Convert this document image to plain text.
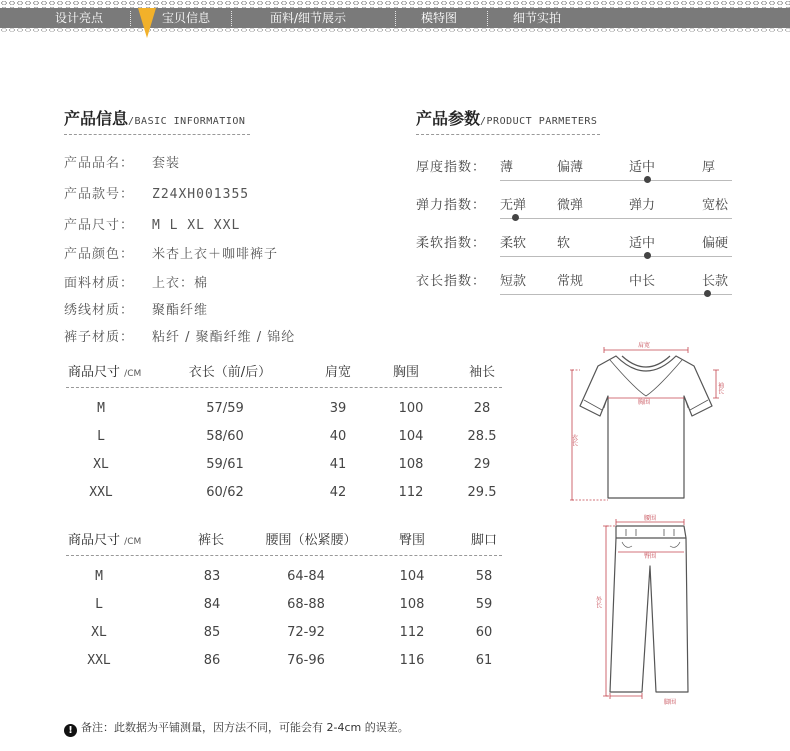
设计亮点	宝贝信息	面料/细节展示	模特图	细节实拍
产品信息/BASIC INFORMATION
产品品名： 套装
产品款号： Z24XH001355
产品尺寸： M L XL XXL
产品颜色： 米杏上衣＋咖啡裤子
面料材质： 上衣：棉
绣线材质： 聚酯纤维
裤子材质： 粘纤 / 聚酯纤维 / 锦纶
产品参数/PRODUCT PARMETERS
厚度指数： 薄	偏薄	适中	厚
弹力指数： 无弹 微弹	弹力	宽松
柔软指数： 柔软 软	适中	偏硬
衣长指数： 短款 常规	中长	长款
商品尺寸 /CM	衣长（前/后）	肩宽	胸围	袖长
M	57/59	39	100	28
L	58/60	40	104	28.5
XL	59/61	41	108	29
XXL	60/62	42	112	29.5
商品尺寸 /CM	裤长	腰围（松紧腰）	臀围	脚口
M	83	64-84	104	58
L	84	68-88	108	59
XL	85	72-92	112	60
XXL	86	76-96	116	61
肩宽
胸围
衣长
袖长
腰围
臀围
外长
脚围
! 备注：此数据为平铺测量，因方法不同，可能会有 2-4cm 的误差。
